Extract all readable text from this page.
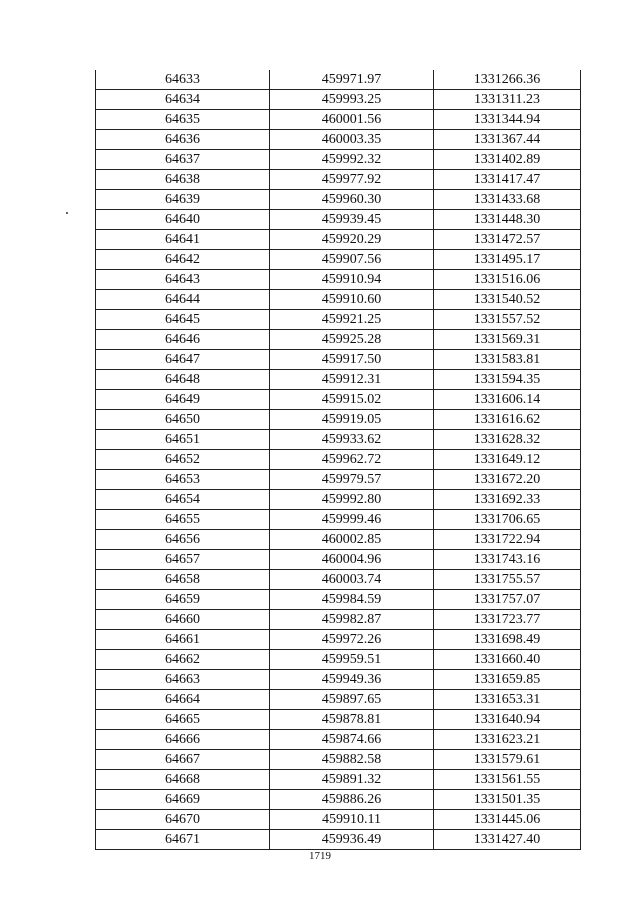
64633	459971.97	1331266.36
64634	459993.25	1331311.23
64635	460001.56	1331344.94
64636	460003.35	1331367.44
64637	459992.32	1331402.89
64638	459977.92	1331417.47
64639	459960.30	1331433.68
64640	459939.45	1331448.30
64641	459920.29	1331472.57
64642	459907.56	1331495.17
64643	459910.94	1331516.06
64644	459910.60	1331540.52
64645	459921.25	1331557.52
64646	459925.28	1331569.31
64647	459917.50	1331583.81
64648	459912.31	1331594.35
64649	459915.02	1331606.14
64650	459919.05	1331616.62
64651	459933.62	1331628.32
64652	459962.72	1331649.12
64653	459979.57	1331672.20
64654	459992.80	1331692.33
64655	459999.46	1331706.65
64656	460002.85	1331722.94
64657	460004.96	1331743.16
64658	460003.74	1331755.57
64659	459984.59	1331757.07
64660	459982.87	1331723.77
64661	459972.26	1331698.49
64662	459959.51	1331660.40
64663	459949.36	1331659.85
64664	459897.65	1331653.31
64665	459878.81	1331640.94
64666	459874.66	1331623.21
64667	459882.58	1331579.61
64668	459891.32	1331561.55
64669	459886.26	1331501.35
64670	459910.11	1331445.06
64671	459936.49	1331427.40
1719
